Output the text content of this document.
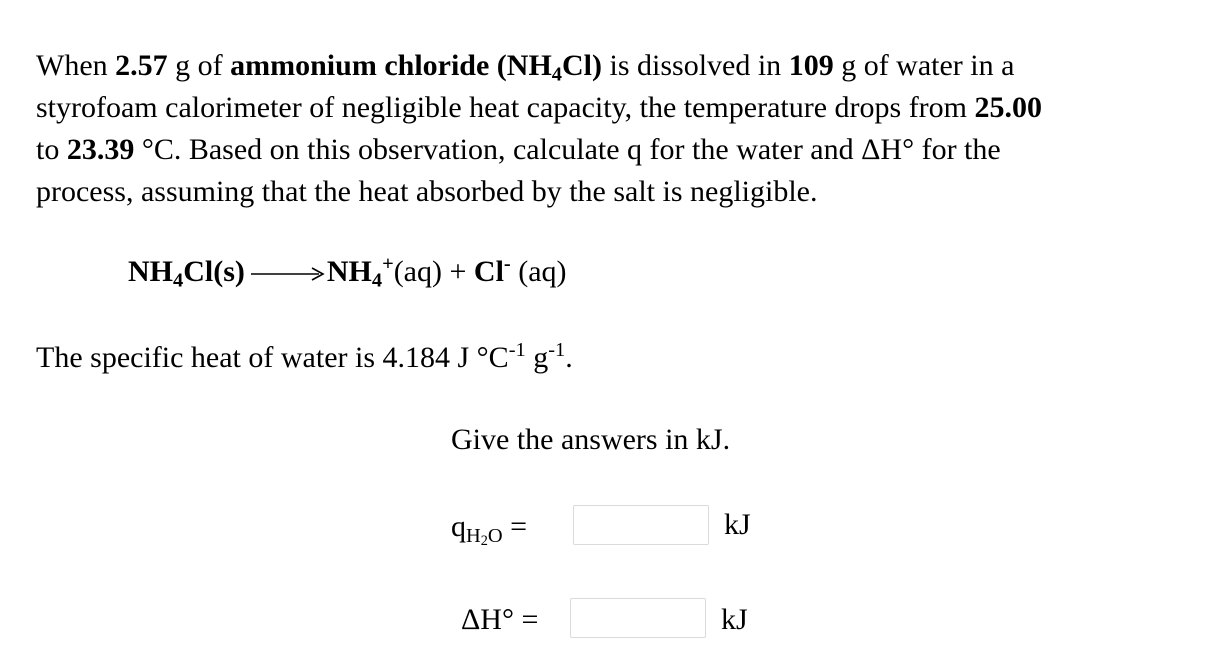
When 2.57 g of ammonium chloride $(NH_4Cl)$ is dissolved in 109 g of water in a
styrofoam calorimeter of negligible heat capacity, the temperature drops from 25.00
to 23.39 °C. Based on this observation, calculate q for the water and ΔH° for the
process, assuming that the heat absorbed by the salt is negligible.
$NH_4Cl(s) \to NH_4^+(aq) + Cl^-$ (aq)
The specific heat of water is 4.184 J $^\circ C^{-1}$ $g^{-1}$.
Give the answers in kJ.
$q_{H2O}$ =	kJ
ΔH° =	kJ
